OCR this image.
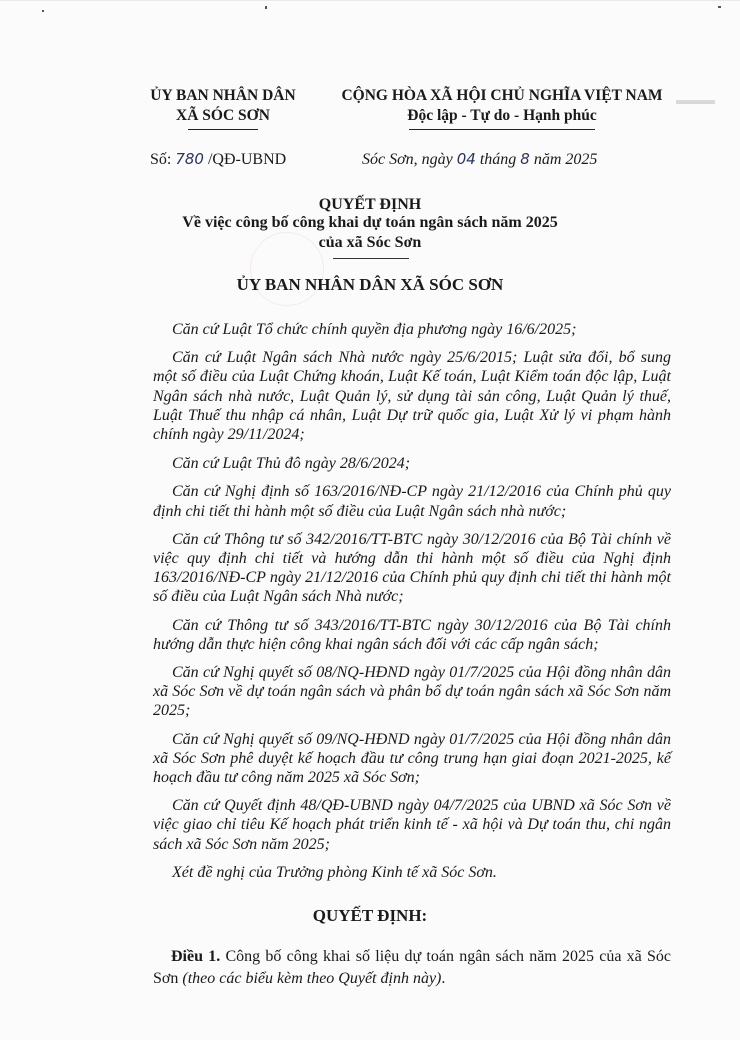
▬▬▬
ỦY BAN NHÂN DÂN
XÃ SÓC SƠN
CỘNG HÒA XÃ HỘI CHỦ NGHĨA VIỆT NAM
Độc lập - Tự do - Hạnh phúc
Số: 780 /QĐ-UBND	Sóc Sơn, ngày 04 tháng 8 năm 2025
QUYẾT ĐỊNH
Về việc công bố công khai dự toán ngân sách năm 2025
của xã Sóc Sơn
ỦY BAN NHÂN DÂN XÃ SÓC SƠN

Căn cứ Luật Tổ chức chính quyền địa phương ngày 16/6/2025;

Căn cứ Luật Ngân sách Nhà nước ngày 25/6/2015; Luật sửa đổi, bổ sung một số điều của Luật Chứng khoán, Luật Kế toán, Luật Kiểm toán độc lập, Luật Ngân sách nhà nước, Luật Quản lý, sử dụng tài sản công, Luật Quản lý thuế, Luật Thuế thu nhập cá nhân, Luật Dự trữ quốc gia, Luật Xử lý vi phạm hành chính ngày 29/11/2024;

Căn cứ Luật Thủ đô ngày 28/6/2024;

Căn cứ Nghị định số 163/2016/NĐ-CP ngày 21/12/2016 của Chính phủ quy định chi tiết thi hành một số điều của Luật Ngân sách nhà nước;

Căn cứ Thông tư số 342/2016/TT-BTC ngày 30/12/2016 của Bộ Tài chính về việc quy định chi tiết và hướng dẫn thi hành một số điều của Nghị định 163/2016/NĐ-CP ngày 21/12/2016 của Chính phủ quy định chi tiết thi hành một số điều của Luật Ngân sách Nhà nước;

Căn cứ Thông tư số 343/2016/TT-BTC ngày 30/12/2016 của Bộ Tài chính hướng dẫn thực hiện công khai ngân sách đối với các cấp ngân sách;

Căn cứ Nghị quyết số 08/NQ-HĐND ngày 01/7/2025 của Hội đồng nhân dân xã Sóc Sơn về dự toán ngân sách và phân bổ dự toán ngân sách xã Sóc Sơn năm 2025;

Căn cứ Nghị quyết số 09/NQ-HĐND ngày 01/7/2025 của Hội đồng nhân dân xã Sóc Sơn phê duyệt kế hoạch đầu tư công trung hạn giai đoạn 2021-2025, kế hoạch đầu tư công năm 2025 xã Sóc Sơn;

Căn cứ Quyết định 48/QĐ-UBND ngày 04/7/2025 của UBND xã Sóc Sơn về việc giao chỉ tiêu Kế hoạch phát triển kinh tế - xã hội và Dự toán thu, chi ngân sách xã Sóc Sơn năm 2025;

Xét đề nghị của Trưởng phòng Kinh tế xã Sóc Sơn.

QUYẾT ĐỊNH:

Điều 1. Công bố công khai số liệu dự toán ngân sách năm 2025 của xã Sóc Sơn (theo các biểu kèm theo Quyết định này).
